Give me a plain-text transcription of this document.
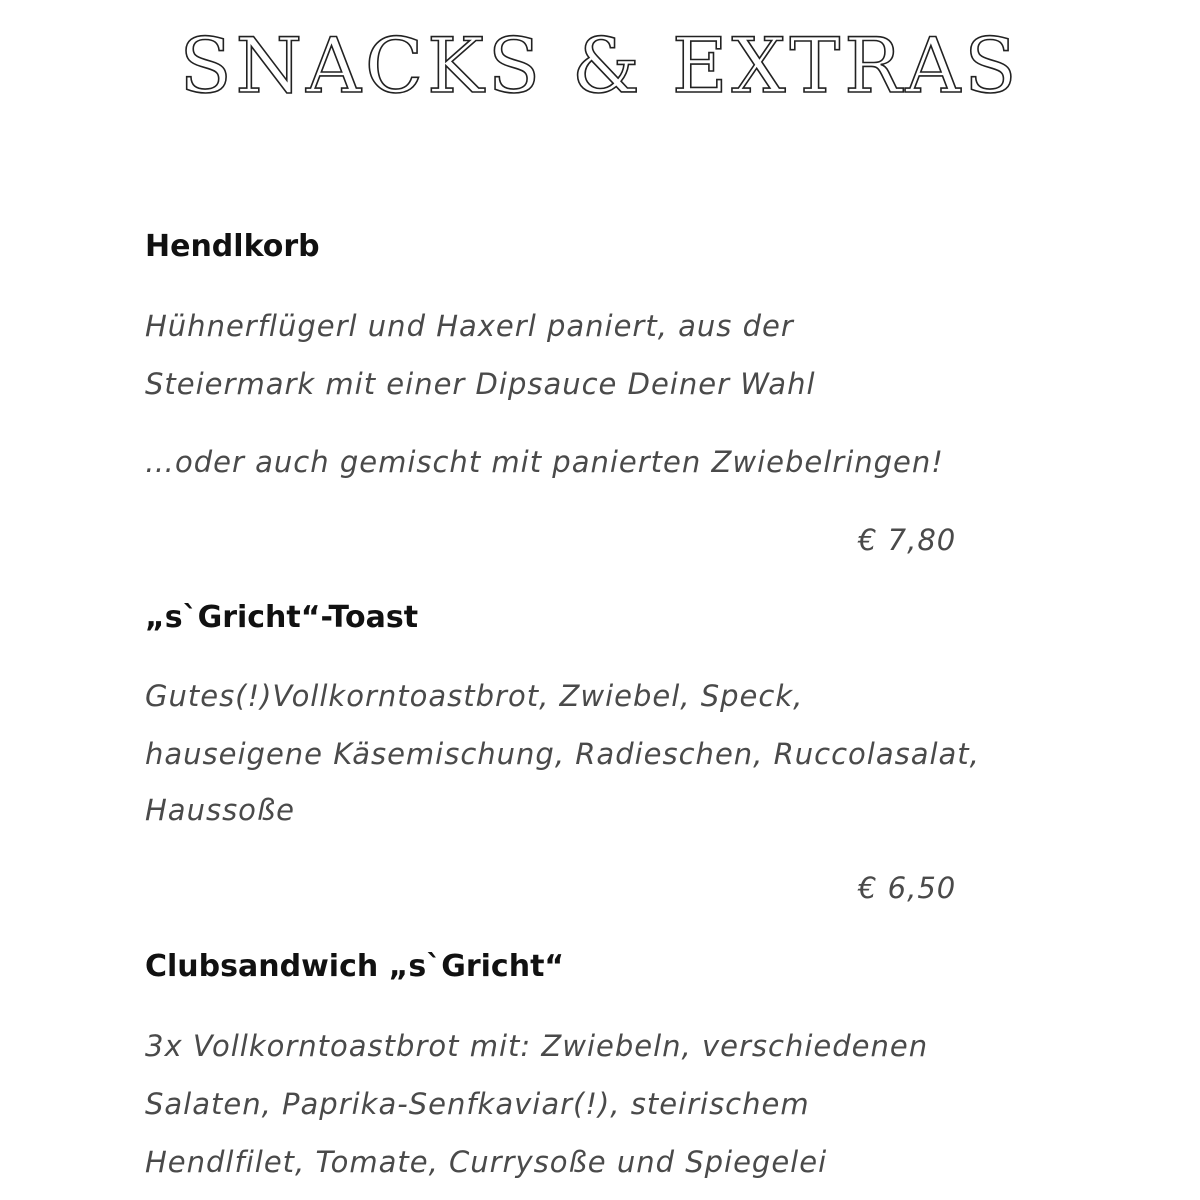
SNACKS & EXTRAS
Hendlkorb
Hühnerflügerl und Haxerl paniert, aus der
Steiermark mit einer Dipsauce Deiner Wahl
…oder auch gemischt mit panierten Zwiebelringen!
€ 7,80
„s`Gricht“-Toast
Gutes(!)Vollkorntoastbrot, Zwiebel, Speck,
hauseigene Käsemischung, Radieschen, Ruccolasalat,
Haussoße
€ 6,50
Clubsandwich „s`Gricht“
3x Vollkorntoastbrot mit: Zwiebeln, verschiedenen
Salaten, Paprika-Senfkaviar(!), steirischem
Hendlfilet, Tomate, Currysoße und Spiegelei
